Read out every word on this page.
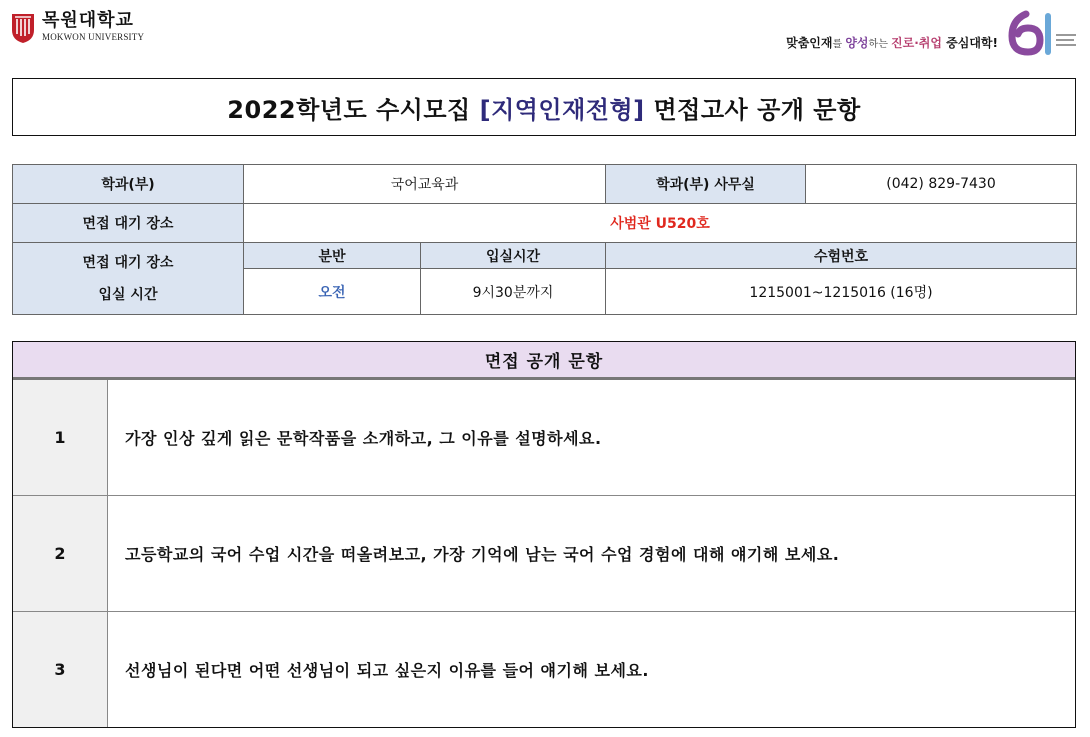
목원대학교
MOKWON UNIVERSITY	맞춤인재를 양성하는 진로·취업 중심대학!
2022학년도 수시모집 [지역인재전형] 면접고사 공개 문항
학과(부)	국어교육과		학과(부) 사무실	(042) 829-7430
면접 대기 장소	사범관 U520호			

면접 대기 장소
입실 시간	분반	입실시간	수험번호	
	오전	9시30분까지	1215001~1215016 (16명)	
면접 공개 문항
1	가장 인상 깊게 읽은 문학작품을 소개하고, 그 이유를 설명하세요.
2	고등학교의 국어 수업 시간을 떠올려보고, 가장 기억에 남는 국어 수업 경험에 대해 얘기해 보세요.
3	선생님이 된다면 어떤 선생님이 되고 싶은지 이유를 들어 얘기해 보세요.
